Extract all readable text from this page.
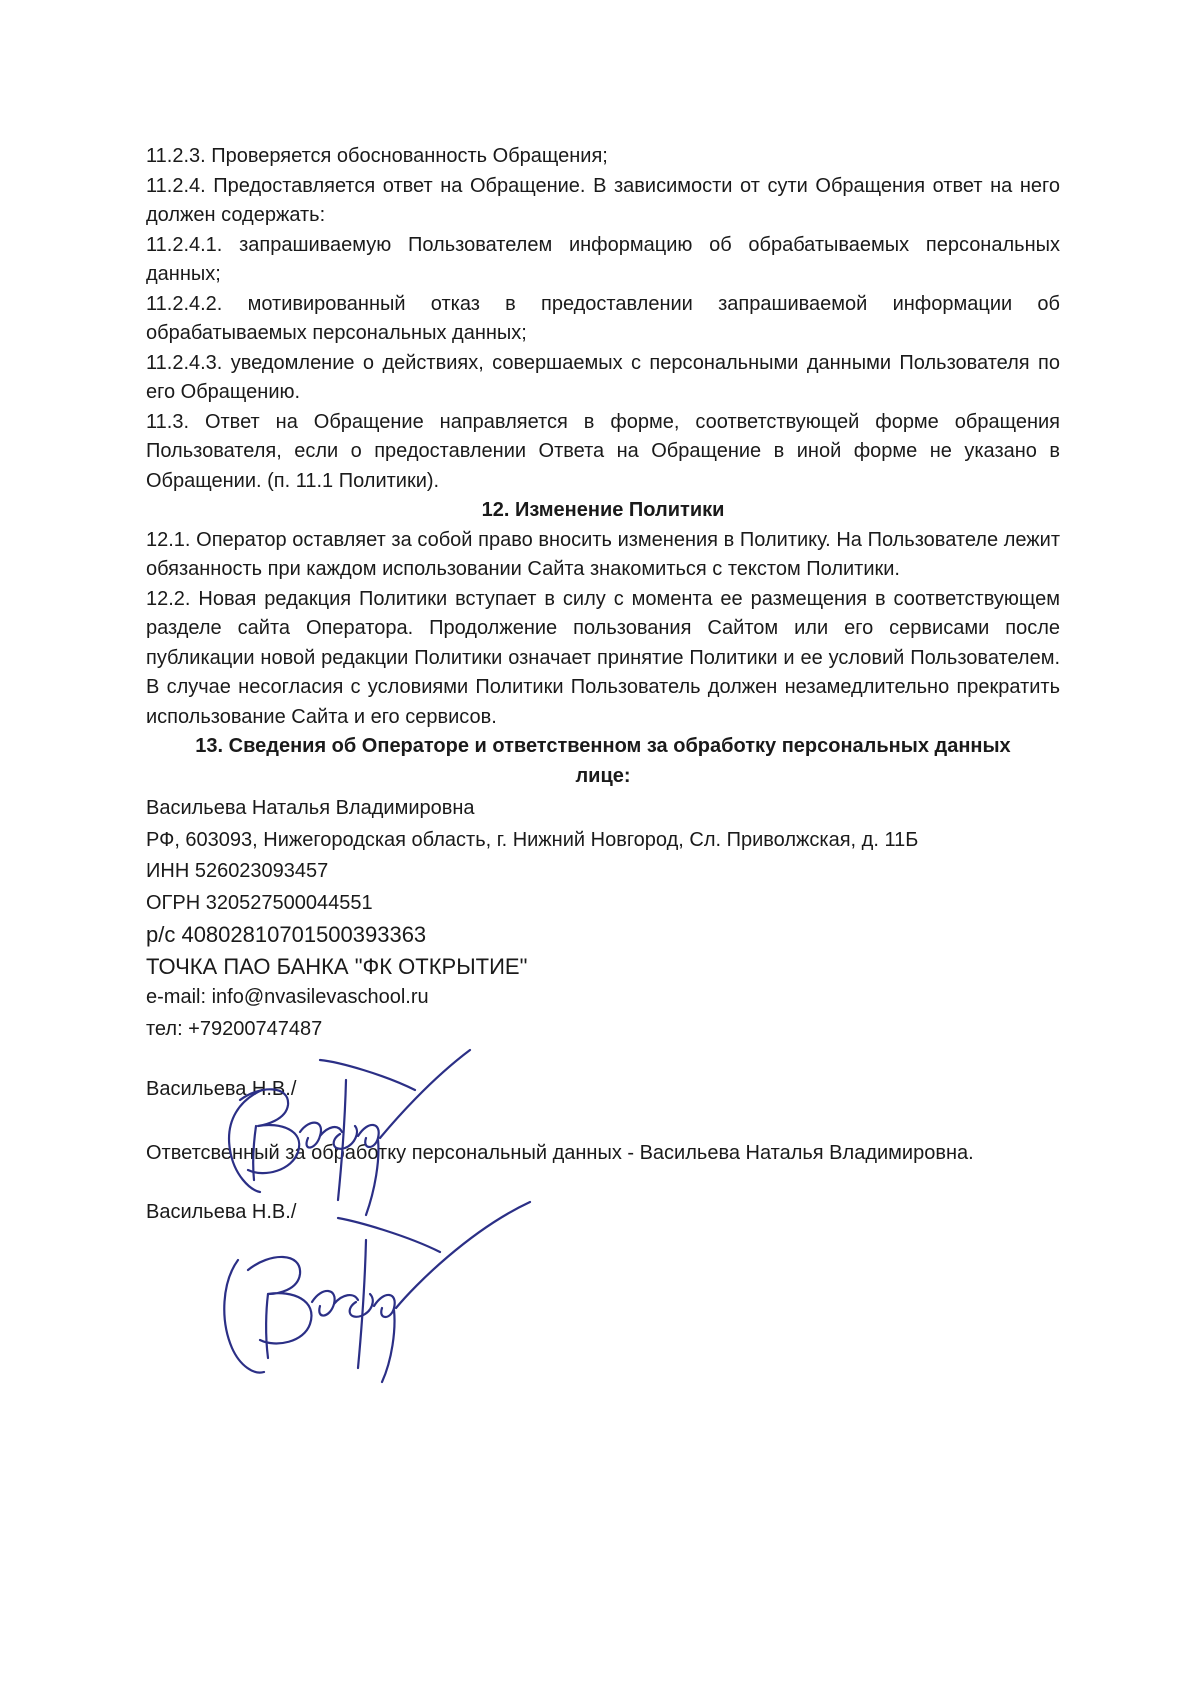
11.2.3. Проверяется обоснованность Обращения;

11.2.4. Предоставляется ответ на Обращение. В зависимости от сути Обращения ответ на него должен содержать:

11.2.4.1. запрашиваемую Пользователем информацию об обрабатываемых персональных данных;

11.2.4.2. мотивированный отказ в предоставлении запрашиваемой информации об обрабатываемых персональных данных;

11.2.4.3. уведомление о действиях, совершаемых с персональными данными Пользователя по его Обращению.

11.3. Ответ на Обращение направляется в форме, соответствующей форме обращения Пользователя, если о предоставлении Ответа на Обращение в иной форме не указано в Обращении. (п. 11.1 Политики).

12. Изменение Политики

12.1. Оператор оставляет за собой право вносить изменения в Политику. На Пользователе лежит обязанность при каждом использовании Сайта знакомиться с текстом Политики.

12.2. Новая редакция Политики вступает в силу с момента ее размещения в соответствующем разделе сайта Оператора. Продолжение пользования Сайтом или его сервисами после публикации новой редакции Политики означает принятие Политики и ее условий Пользователем. В случае несогласия с условиями Политики Пользователь должен незамедлительно прекратить использование Сайта и его сервисов.

13. Сведения об Операторе и ответственном за обработку персональных данных лице:

Васильева Наталья Владимировна

РФ, 603093, Нижегородская область, г. Нижний Новгород, Сл. Приволжская, д. 11Б

ИНН 526023093457

ОГРН 320527500044551

р/с 40802810701500393363

ТОЧКА ПАО БАНКА "ФК ОТКРЫТИЕ"

e-mail: info@nvasilevaschool.ru

тел: +79200747487

Васильева Н.В./

Ответсвенный за обработку персональный данных - Васильева Наталья Владимировна.

Васильева Н.В./
